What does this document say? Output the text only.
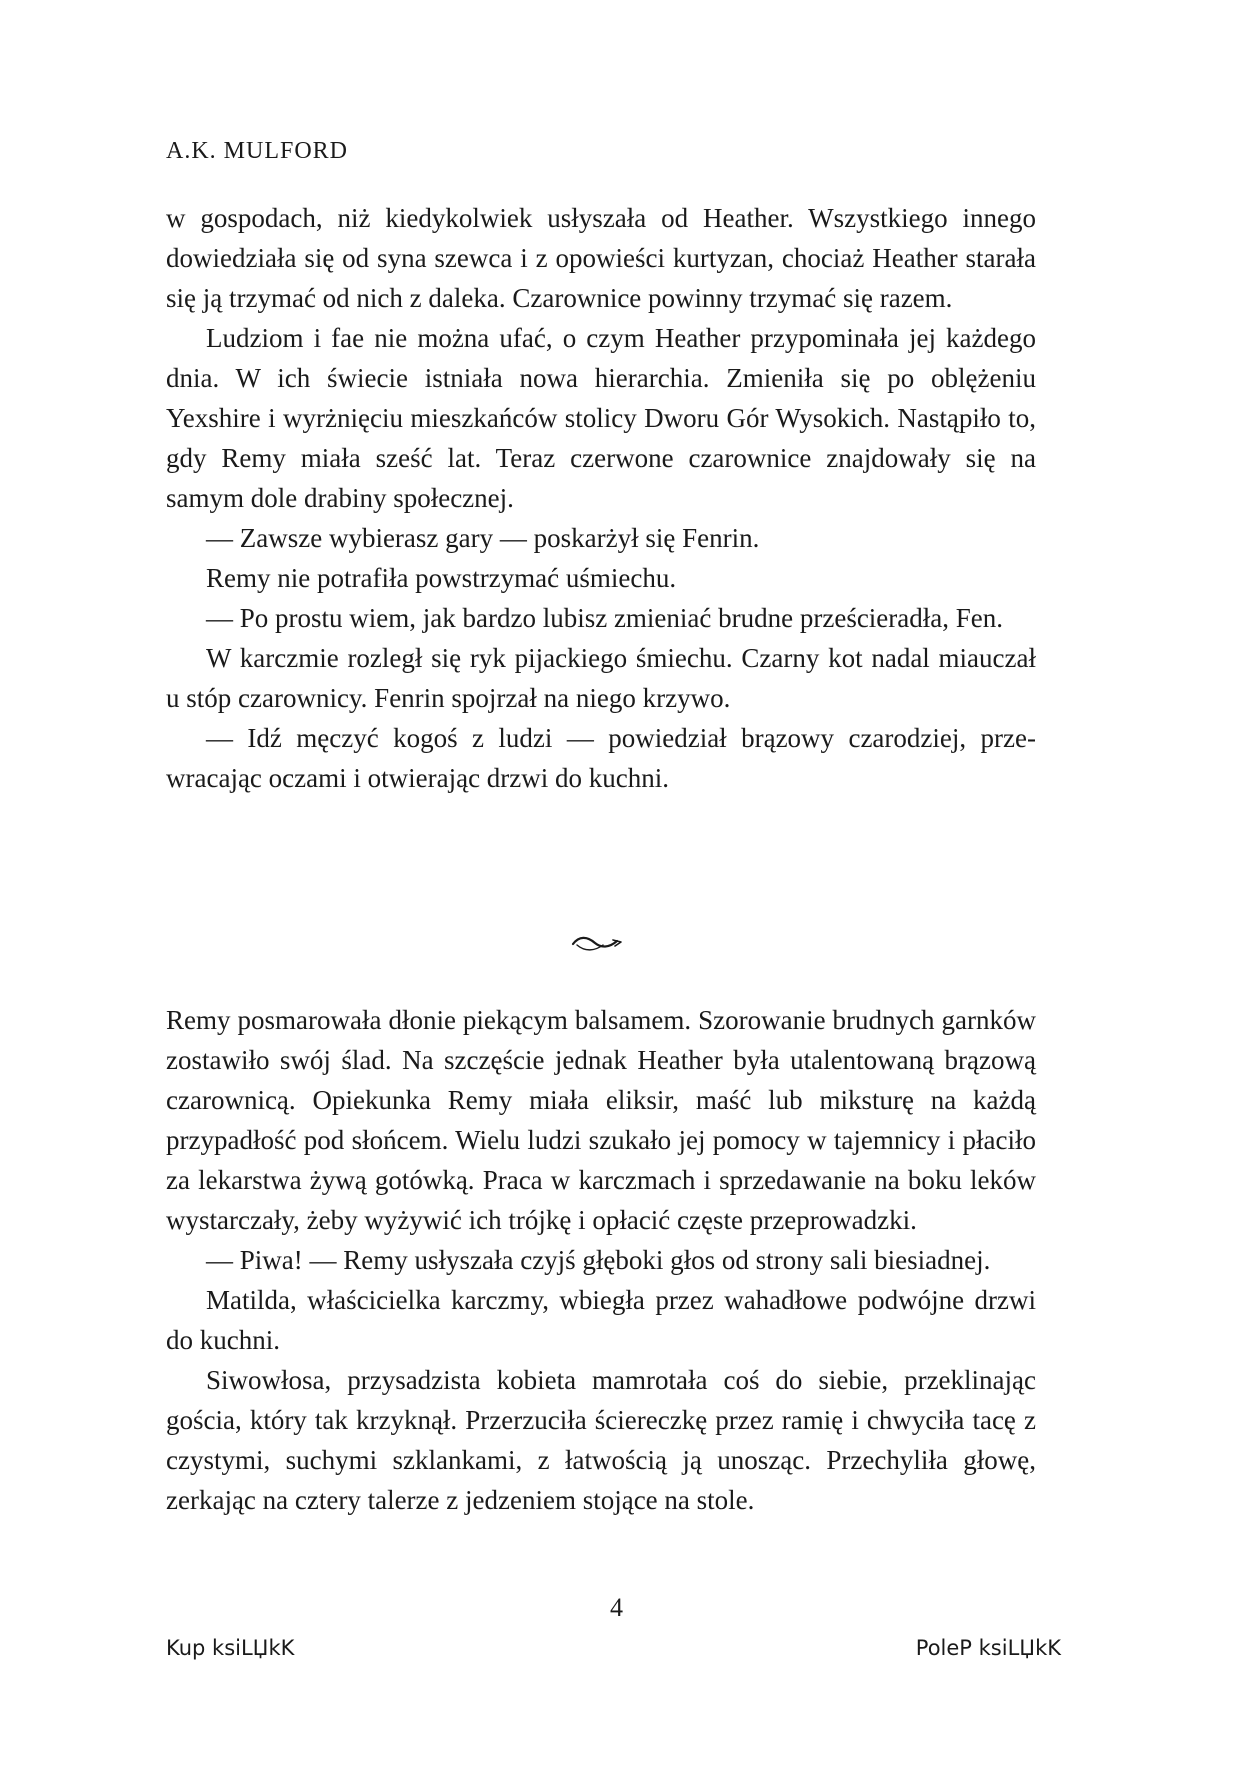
A.K. MULFORD

w gospodach, niż kiedykolwiek usłyszała od Heather. Wszystkiego innego dowiedziała się od syna szewca i z opowieści kurtyzan, chociaż Heather starała się ją trzymać od nich z daleka. Czarownice powinny trzymać się razem.

Ludziom i fae nie można ufać, o czym Heather przypominała jej każdego dnia. W ich świecie istniała nowa hierarchia. Zmieniła się po oblężeniu Yexshire i wyrżnięciu mieszkańców stolicy Dworu Gór Wysokich. Nastąpiło to, gdy Remy miała sześć lat. Teraz czerwone czarownice znajdowały się na samym dole drabiny społecznej.

— Zawsze wybierasz gary — poskarżył się Fenrin.

Remy nie potrafiła powstrzymać uśmiechu.

— Po prostu wiem, jak bardzo lubisz zmieniać brudne prześcieradła, Fen.

W karczmie rozległ się ryk pijackiego śmiechu. Czarny kot nadal miauczał u stóp czarownicy. Fenrin spojrzał na niego krzywo.

— Idź męczyć kogoś z ludzi — powiedział brązowy czarodziej, przewracając oczami i otwierając drzwi do kuchni.

Remy posmarowała dłonie piekącym balsamem. Szorowanie brudnych garnków zostawiło swój ślad. Na szczęście jednak Heather była utalentowaną brązową czarownicą. Opiekunka Remy miała eliksir, maść lub miksturę na każdą przypadłość pod słońcem. Wielu ludzi szukało jej pomocy w tajemnicy i płaciło za lekarstwa żywą gotówką. Praca w karczmach i sprzedawanie na boku leków wystarczały, żeby wyżywić ich trójkę i opłacić częste przeprowadzki.

— Piwa! — Remy usłyszała czyjś głęboki głos od strony sali biesiadnej.

Matilda, właścicielka karczmy, wbiegła przez wahadłowe podwójne drzwi do kuchni.

Siwowłosa, przysadzista kobieta mamrotała coś do siebie, przeklinając gościa, który tak krzyknął. Przerzuciła ściereczkę przez ramię i chwyciła tacę z czystymi, suchymi szklankami, z łatwością ją unosząc. Przechyliła głowę, zerkając na cztery talerze z jedzeniem stojące na stole.

4
Kup ksiLЏkK	PoleP ksiLЏkK
